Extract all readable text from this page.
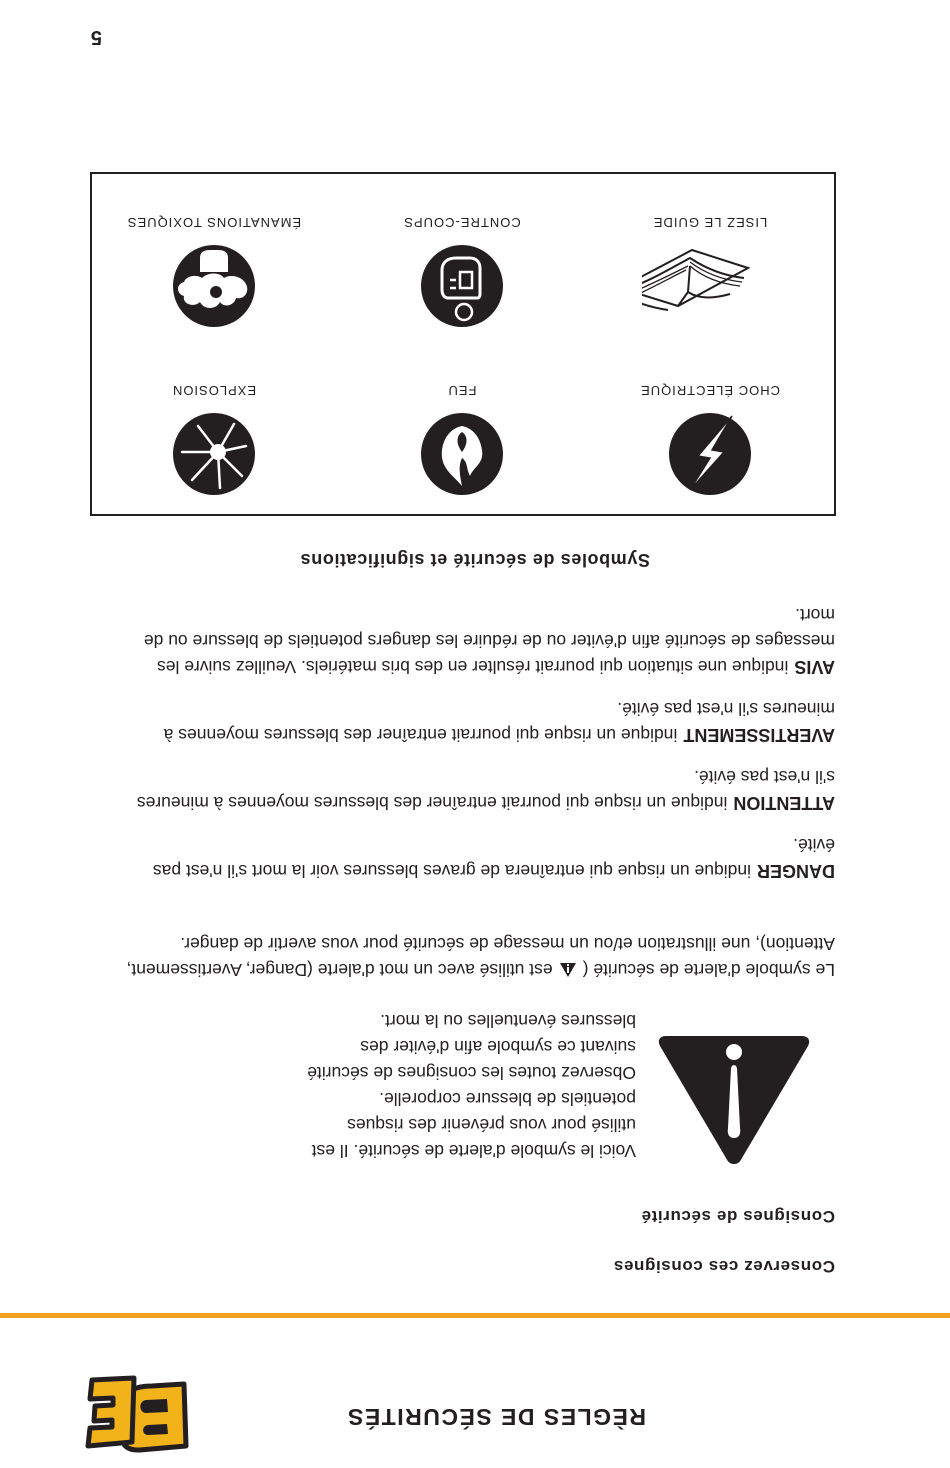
RÈGLES DE SÉCURITÉS
Conservez ces consignes
Consignes de sécurité
Voici le symbole d'alerte de sécurité. Il est utilisé pour vous prévenir des risques potentiels de blessure corporelle. Observez toutes les consignes de sécurité suivant ce symbole afin d'éviter des blessures éventuelles ou la mort.
Le symbole d'alerte de sécurité (est utilisé avec un mot d'alerte (Danger, Avertissement, Attention), une illustration et/ou un message de sécurité pour vous avertir de danger.
DANGERindique un risque qui entraînera de graves blessures voir la mort s'il n'est pas évité.
ATTENTIONindique un risque qui pourrait entraîner des blessures moyennes à mineures s'il n'est pas évité.
AVERTISSEMENTindique un risque qui pourrait entraîner des blessures moyennes à mineures s'il n'est pas évité.
AVISindique une situation qui pourrait résulter en des bris matériels. Veuillez suivre les messages de sécurité afin d'éviter ou de réduire les dangers potentiels de blessure ou de mort.
Symboles de sécurité et significations
CHOC ÉLECTRIQUE
FEU
EXPLOSION
LISEZ LE GUIDE
CONTRE-COUPS
ÉMANATIONS TOXIQUES
5
